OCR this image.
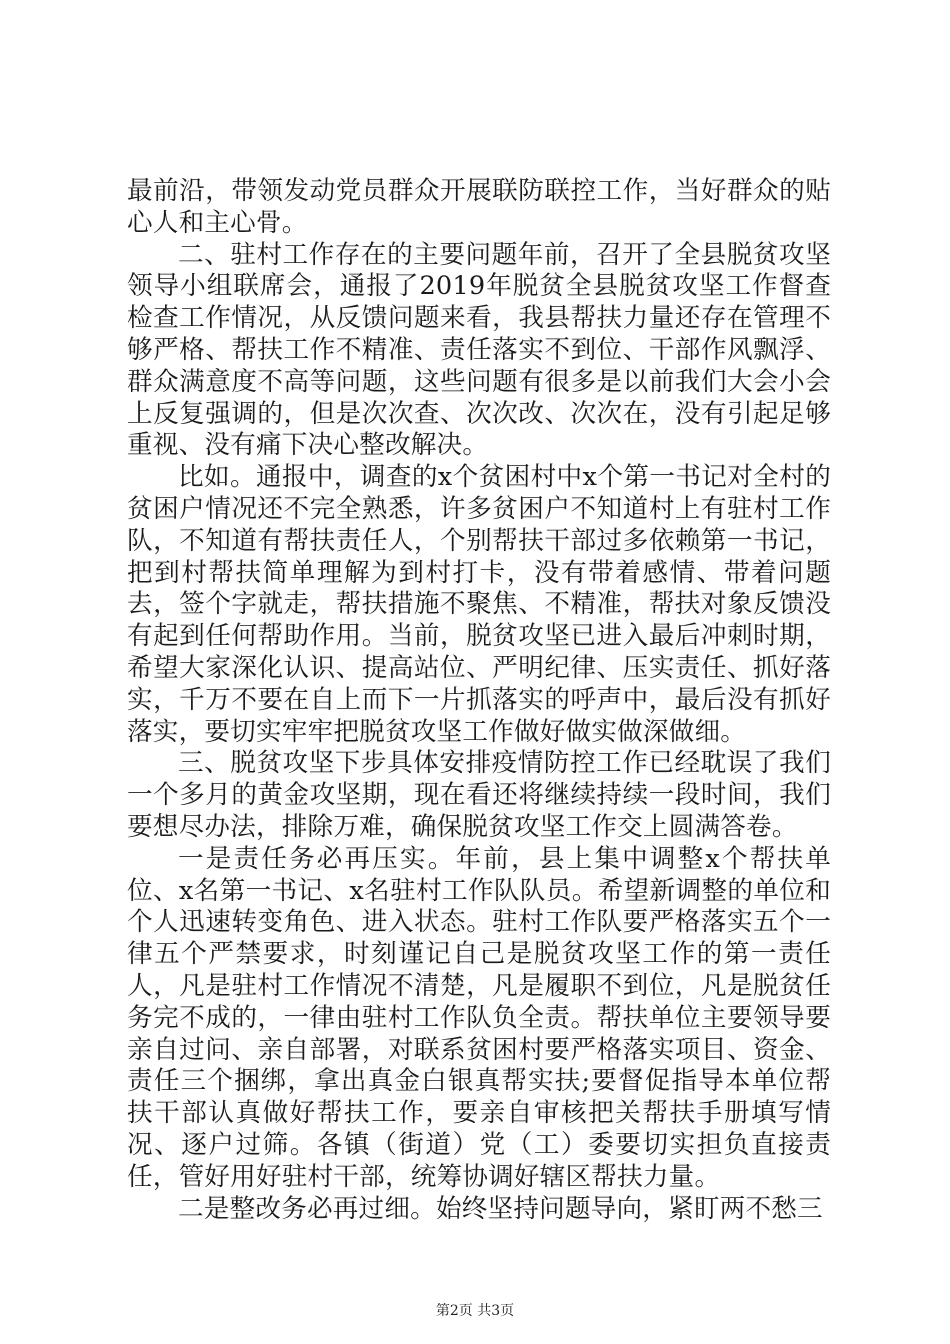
最前沿，带领发动党员群众开展联防联控工作，当好群众的贴心人和主心骨。

二、驻村工作存在的主要问题年前，召开了全县脱贫攻坚领导小组联席会，通报了2019年脱贫全县脱贫攻坚工作督查检查工作情况，从反馈问题来看，我县帮扶力量还存在管理不够严格、帮扶工作不精准、责任落实不到位、干部作风飘浮、群众满意度不高等问题，这些问题有很多是以前我们大会小会上反复强调的，但是次次查、次次改、次次在，没有引起足够重视、没有痛下决心整改解决。

比如。通报中，调查的x个贫困村中x个第一书记对全村的贫困户情况还不完全熟悉，许多贫困户不知道村上有驻村工作队，不知道有帮扶责任人，个别帮扶干部过多依赖第一书记，把到村帮扶简单理解为到村打卡，没有带着感情、带着问题去，签个字就走，帮扶措施不聚焦、不精准，帮扶对象反馈没有起到任何帮助作用。当前，脱贫攻坚已进入最后冲刺时期，希望大家深化认识、提高站位、严明纪律、压实责任、抓好落实，千万不要在自上而下一片抓落实的呼声中，最后没有抓好落实，要切实牢牢把脱贫攻坚工作做好做实做深做细。

三、脱贫攻坚下步具体安排疫情防控工作已经耽误了我们一个多月的黄金攻坚期，现在看还将继续持续一段时间，我们要想尽办法，排除万难，确保脱贫攻坚工作交上圆满答卷。

一是责任务必再压实。年前，县上集中调整x个帮扶单位、x名第一书记、x名驻村工作队队员。希望新调整的单位和个人迅速转变角色、进入状态。驻村工作队要严格落实五个一律五个严禁要求，时刻谨记自己是脱贫攻坚工作的第一责任人，凡是驻村工作情况不清楚，凡是履职不到位，凡是脱贫任务完不成的，一律由驻村工作队负全责。帮扶单位主要领导要亲自过问、亲自部署，对联系贫困村要严格落实项目、资金、责任三个捆绑，拿出真金白银真帮实扶;要督促指导本单位帮扶干部认真做好帮扶工作，要亲自审核把关帮扶手册填写情况、逐户过筛。各镇（街道）党（工）委要切实担负直接责任，管好用好驻村干部，统筹协调好辖区帮扶力量。

二是整改务必再过细。始终坚持问题导向，紧盯两不愁三

第2页 共3页
